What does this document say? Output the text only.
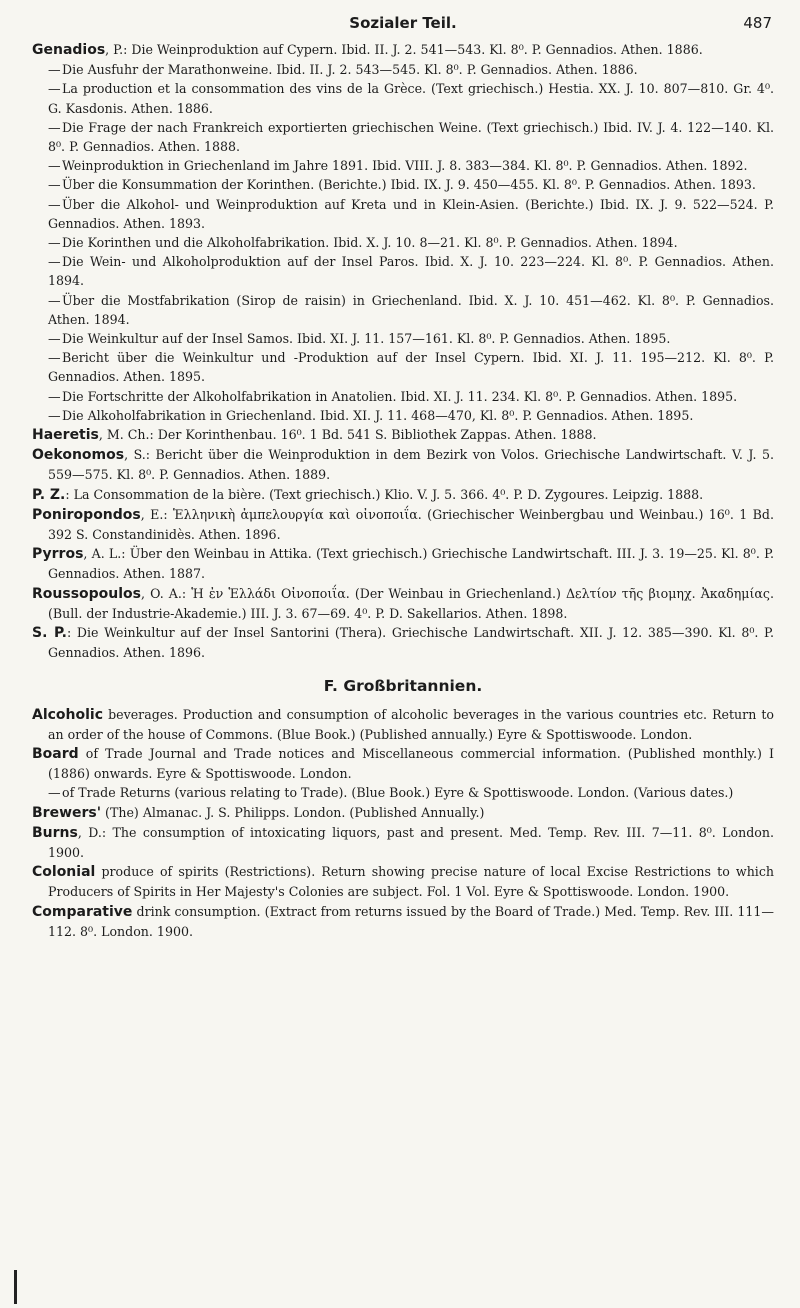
Sozialer Teil.	487

Genadios, P.: Die Weinproduktion auf Cypern. Ibid. II. J. 2. 541—543. Kl. 8⁰. P. Gennadios. Athen. 1886.

—Die Ausfuhr der Marathonweine. Ibid. II. J. 2. 543—545. Kl. 8⁰. P. Gennadios. Athen. 1886.

—La production et la consommation des vins de la Grèce. (Text griechisch.) Hestia. XX. J. 10. 807—810. Gr. 4⁰. G. Kasdonis. Athen. 1886.

—Die Frage der nach Frankreich exportierten griechischen Weine. (Text griechisch.) Ibid. IV. J. 4. 122—140. Kl. 8⁰. P. Gennadios. Athen. 1888.

—Weinproduktion in Griechenland im Jahre 1891. Ibid. VIII. J. 8. 383—384. Kl. 8⁰. P. Gennadios. Athen. 1892.

—Über die Konsummation der Korinthen. (Berichte.) Ibid. IX. J. 9. 450—455. Kl. 8⁰. P. Gennadios. Athen. 1893.

—Über die Alkohol- und Weinproduktion auf Kreta und in Klein-Asien. (Berichte.) Ibid. IX. J. 9. 522—524. P. Gennadios. Athen. 1893.

—Die Korinthen und die Alkoholfabrikation. Ibid. X. J. 10. 8—21. Kl. 8⁰. P. Gennadios. Athen. 1894.

—Die Wein- und Alkoholproduktion auf der Insel Paros. Ibid. X. J. 10. 223—224. Kl. 8⁰. P. Gennadios. Athen. 1894.

—Über die Mostfabrikation (Sirop de raisin) in Griechenland. Ibid. X. J. 10. 451—462. Kl. 8⁰. P. Gennadios. Athen. 1894.

—Die Weinkultur auf der Insel Samos. Ibid. XI. J. 11. 157—161. Kl. 8⁰. P. Gennadios. Athen. 1895.

—Bericht über die Weinkultur und -Produktion auf der Insel Cypern. Ibid. XI. J. 11. 195—212. Kl. 8⁰. P. Gennadios. Athen. 1895.

—Die Fortschritte der Alkoholfabrikation in Anatolien. Ibid. XI. J. 11. 234. Kl. 8⁰. P. Gennadios. Athen. 1895.

—Die Alkoholfabrikation in Griechenland. Ibid. XI. J. 11. 468—470, Kl. 8⁰. P. Gennadios. Athen. 1895.

Haeretis, M. Ch.: Der Korinthenbau. 16⁰. 1 Bd. 541 S. Bibliothek Zappas. Athen. 1888.

Oekonomos, S.: Bericht über die Weinproduktion in dem Bezirk von Volos. Griechische Landwirtschaft. V. J. 5. 559—575. Kl. 8⁰. P. Gennadios. Athen. 1889.

P. Z.: La Consommation de la bière. (Text griechisch.) Klio. V. J. 5. 366. 4⁰. P. D. Zygoures. Leipzig. 1888.

Poniropondos, E.: Ἑλληνικὴ ἀμπελουργία καὶ οἰνοποιΐα. (Griechischer Weinbergbau und Weinbau.) 16⁰. 1 Bd. 392 S. Constandinidès. Athen. 1896.

Pyrros, A. L.: Über den Weinbau in Attika. (Text griechisch.) Griechische Landwirtschaft. III. J. 3. 19—25. Kl. 8⁰. P. Gennadios. Athen. 1887.

Roussopoulos, O. A.: Ἡ ἐν Ἑλλάδι Οἰνοποιΐα. (Der Weinbau in Griechenland.) Δελτίον τῆς βιομηχ. Ἀκαδημίας. (Bull. der Industrie-Akademie.) III. J. 3. 67—69. 4⁰. P. D. Sakellarios. Athen. 1898.

S. P.: Die Weinkultur auf der Insel Santorini (Thera). Griechische Landwirtschaft. XII. J. 12. 385—390. Kl. 8⁰. P. Gennadios. Athen. 1896.

F. Großbritannien.

Alcoholic beverages. Production and consumption of alcoholic beverages in the various countries etc. Return to an order of the house of Commons. (Blue Book.) (Published annually.) Eyre & Spottiswoode. London.

Board of Trade Journal and Trade notices and Miscellaneous commercial information. (Published monthly.) I (1886) onwards. Eyre & Spottiswoode. London.

—of Trade Returns (various relating to Trade). (Blue Book.) Eyre & Spottiswoode. London. (Various dates.)

Brewers' (The) Almanac. J. S. Philipps. London. (Published Annually.)

Burns, D.: The consumption of intoxicating liquors, past and present. Med. Temp. Rev. III. 7—11. 8⁰. London. 1900.

Colonial produce of spirits (Restrictions). Return showing precise nature of local Excise Restrictions to which Producers of Spirits in Her Majesty's Colonies are subject. Fol. 1 Vol. Eyre & Spottiswoode. London. 1900.

Comparative drink consumption. (Extract from returns issued by the Board of Trade.) Med. Temp. Rev. III. 111—112. 8⁰. London. 1900.
